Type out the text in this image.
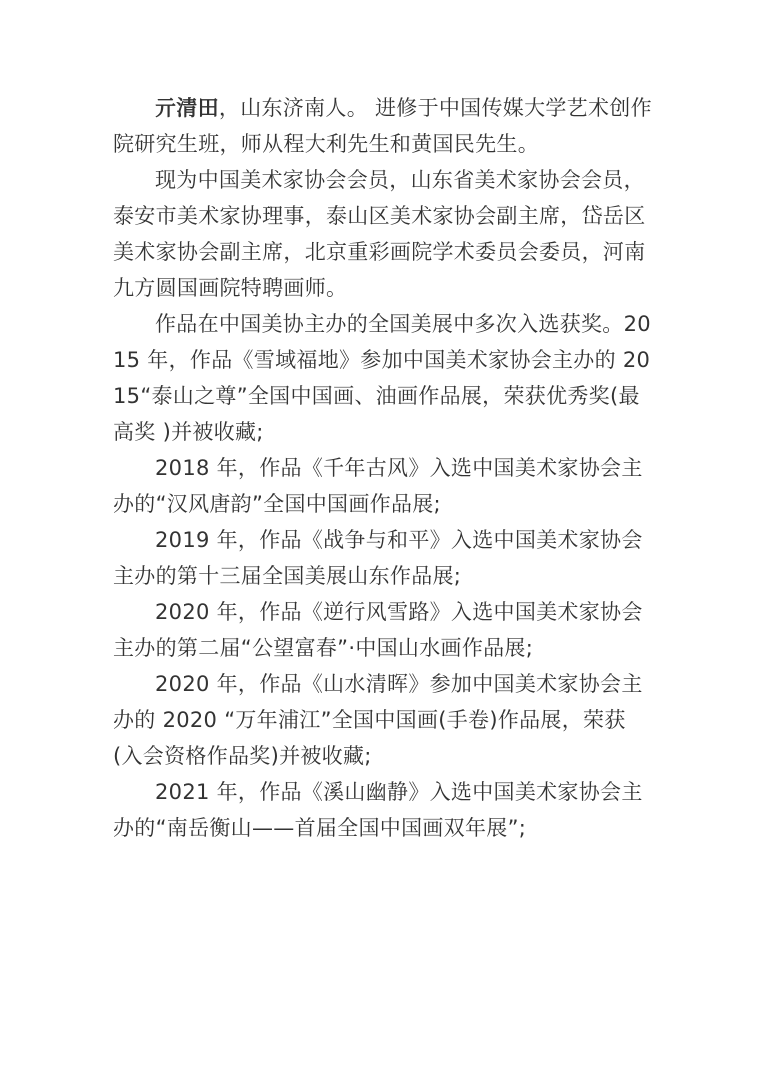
亓清田，山东济南人。 进修于中国传媒大学艺术创作院研究生班，师从程大利先生和黄国民先生。

现为中国美术家协会会员，山东省美术家协会会员，泰安市美术家协理事，泰山区美术家协会副主席，岱岳区美术家协会副主席，北京重彩画院学术委员会委员，河南九方圆国画院特聘画师。

作品在中国美协主办的全国美展中多次入选获奖。2015 年，作品《雪域福地》参加中国美术家协会主办的 2015“泰山之尊”全国中国画、油画作品展，荣获优秀奖(最高奖 )并被收藏;

2018 年，作品《千年古风》入选中国美术家协会主办的“汉风唐韵”全国中国画作品展;

2019 年，作品《战争与和平》入选中国美术家协会主办的第十三届全国美展山东作品展;

2020 年，作品《逆行风雪路》入选中国美术家协会主办的第二届“公望富春”·中国山水画作品展;

2020 年，作品《山水清晖》参加中国美术家协会主办的 2020 “万年浦江”全国中国画(手卷)作品展，荣获(入会资格作品奖)并被收藏;

2021 年，作品《溪山幽静》入选中国美术家协会主办的“南岳衡山——首届全国中国画双年展”;
